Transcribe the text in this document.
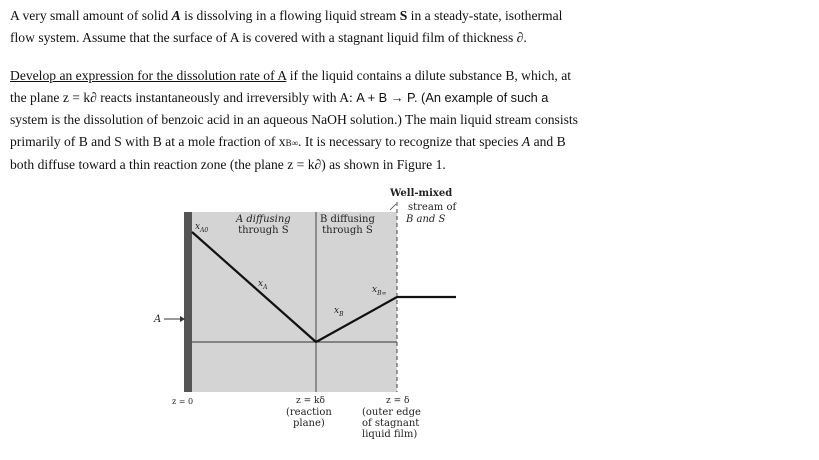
A very small amount of solid A is dissolving in a flowing liquid stream S in a steady-state, isothermal
flow system. Assume that the surface of A is covered with a stagnant liquid film of thickness ∂.
Develop an expression for the dissolution rate of A if the liquid contains a dilute substance B, which, at
the plane z = k∂ reacts instantaneously and irreversibly with A: A + B → P. (An example of such a
system is the dissolution of benzoic acid in an aqueous NaOH solution.) The main liquid stream consists
primarily of B and S with B at a mole fraction of xB∞. It is necessary to recognize that species A and B
both diffuse toward a thin reaction zone (the plane z = k∂) as shown in Figure 1.
Well-mixed
stream of
B and S
$x_{A0}$
A diffusing
through S
B diffusing
through S
$x_A$	$x_{B\infty}$
$x_B$
A
z = 0	z = kδ
(reaction
plane)
z = δ
(outer edge
of stagnant
liquid film)
